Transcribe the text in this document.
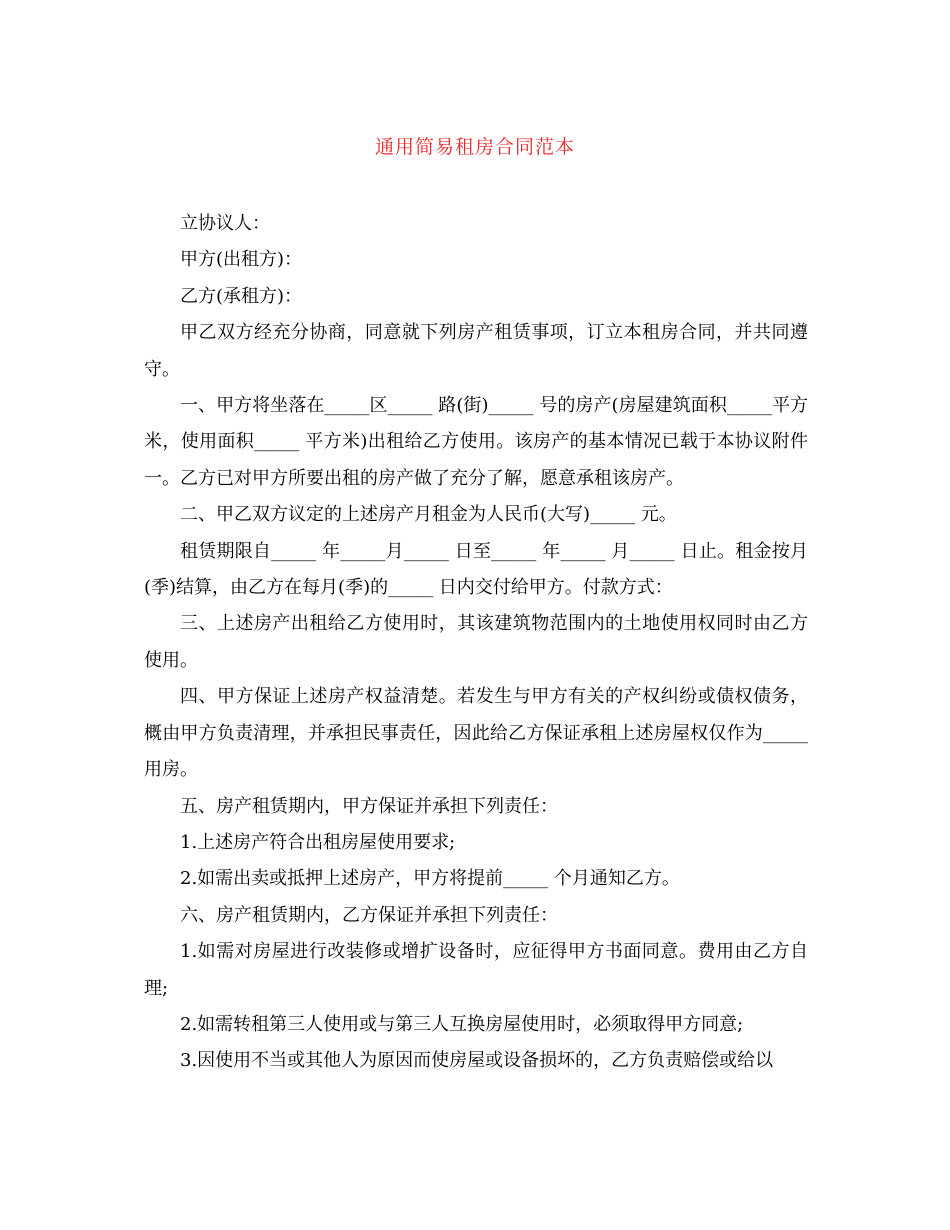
通用简易租房合同范本

立协议人：

甲方(出租方)：

乙方(承租方)：

甲乙双方经充分协商，同意就下列房产租赁事项，订立本租房合同，并共同遵守。

一、甲方将坐落在_____区_____ 路(街)_____ 号的房产(房屋建筑面积_____平方米，使用面积_____ 平方米)出租给乙方使用。该房产的基本情况已载于本协议附件一。乙方已对甲方所要出租的房产做了充分了解，愿意承租该房产。

二、甲乙双方议定的上述房产月租金为人民币(大写)_____ 元。

租赁期限自_____ 年_____月_____ 日至_____ 年_____ 月_____ 日止。租金按月(季)结算，由乙方在每月(季)的_____ 日内交付给甲方。付款方式：

三、上述房产出租给乙方使用时，其该建筑物范围内的土地使用权同时由乙方使用。

四、甲方保证上述房产权益清楚。若发生与甲方有关的产权纠纷或债权债务，概由甲方负责清理，并承担民事责任，因此给乙方保证承租上述房屋权仅作为_____ 用房。

五、房产租赁期内，甲方保证并承担下列责任：

1.上述房产符合出租房屋使用要求;

2.如需出卖或抵押上述房产，甲方将提前_____ 个月通知乙方。

六、房产租赁期内，乙方保证并承担下列责任：

1.如需对房屋进行改装修或增扩设备时，应征得甲方书面同意。费用由乙方自理;

2.如需转租第三人使用或与第三人互换房屋使用时，必须取得甲方同意;

3.因使用不当或其他人为原因而使房屋或设备损坏的，乙方负责赔偿或给以
